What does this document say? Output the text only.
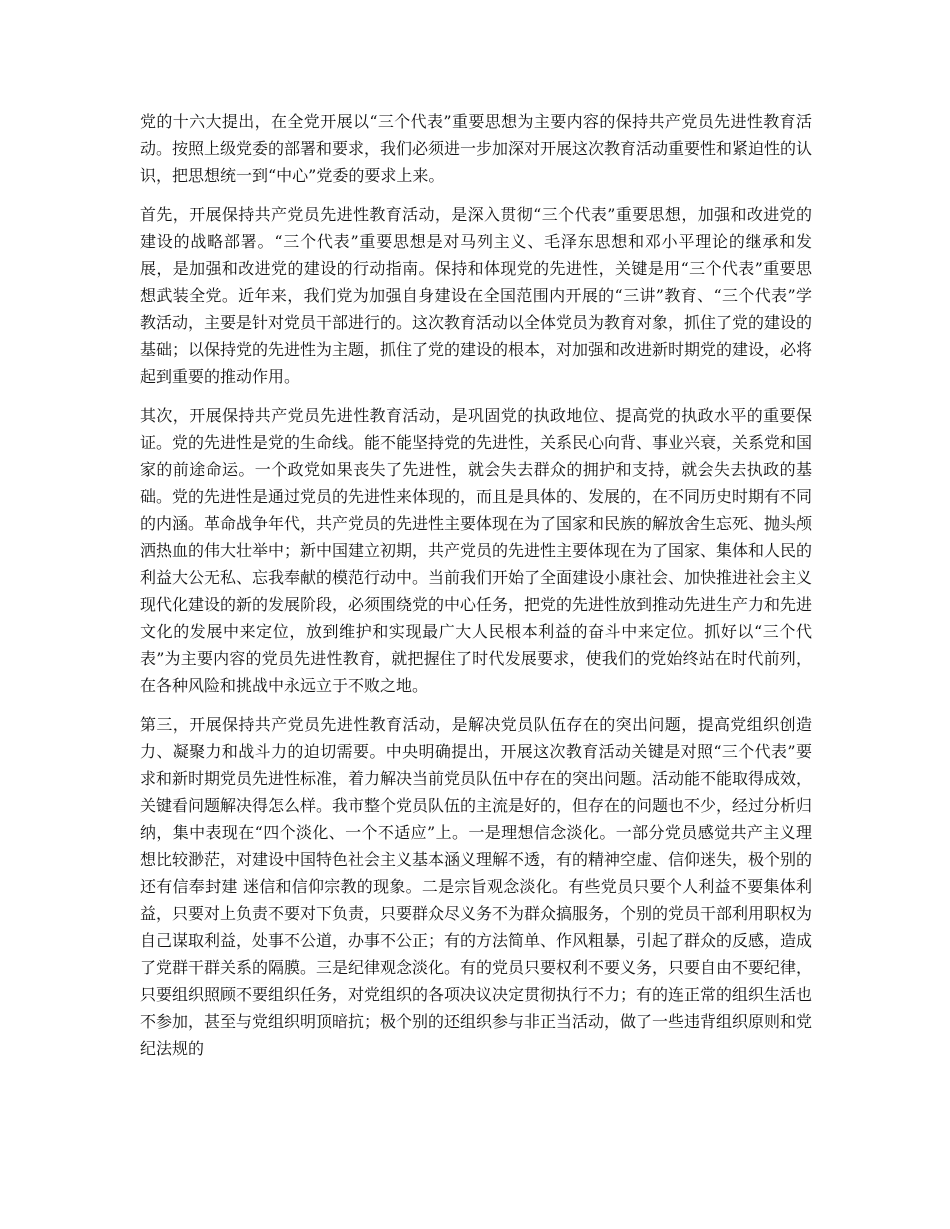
党的十六大提出，在全党开展以“三个代表”重要思想为主要内容的保持共产党员先进性教育活动。按照上级党委的部署和要求，我们必须进一步加深对开展这次教育活动重要性和紧迫性的认识，把思想统一到“中心”党委的要求上来。

首先，开展保持共产党员先进性教育活动，是深入贯彻“三个代表”重要思想，加强和改进党的建设的战略部署。“三个代表”重要思想是对马列主义、毛泽东思想和邓小平理论的继承和发展，是加强和改进党的建设的行动指南。保持和体现党的先进性，关键是用“三个代表”重要思想武装全党。近年来，我们党为加强自身建设在全国范围内开展的“三讲”教育、“三个代表”学教活动，主要是针对党员干部进行的。这次教育活动以全体党员为教育对象，抓住了党的建设的基础；以保持党的先进性为主题，抓住了党的建设的根本，对加强和改进新时期党的建设，必将起到重要的推动作用。

其次，开展保持共产党员先进性教育活动，是巩固党的执政地位、提高党的执政水平的重要保证。党的先进性是党的生命线。能不能坚持党的先进性，关系民心向背、事业兴衰，关系党和国家的前途命运。一个政党如果丧失了先进性，就会失去群众的拥护和支持，就会失去执政的基础。党的先进性是通过党员的先进性来体现的，而且是具体的、发展的，在不同历史时期有不同的内涵。革命战争年代，共产党员的先进性主要体现在为了国家和民族的解放舍生忘死、抛头颅洒热血的伟大壮举中；新中国建立初期，共产党员的先进性主要体现在为了国家、集体和人民的利益大公无私、忘我奉献的模范行动中。当前我们开始了全面建设小康社会、加快推进社会主义现代化建设的新的发展阶段，必须围绕党的中心任务，把党的先进性放到推动先进生产力和先进文化的发展中来定位，放到维护和实现最广大人民根本利益的奋斗中来定位。抓好以“三个代表”为主要内容的党员先进性教育，就把握住了时代发展要求，使我们的党始终站在时代前列，在各种风险和挑战中永远立于不败之地。

第三，开展保持共产党员先进性教育活动，是解决党员队伍存在的突出问题，提高党组织创造力、凝聚力和战斗力的迫切需要。中央明确提出，开展这次教育活动关键是对照“三个代表”要求和新时期党员先进性标准，着力解决当前党员队伍中存在的突出问题。活动能不能取得成效，关键看问题解决得怎么样。我市整个党员队伍的主流是好的，但存在的问题也不少，经过分析归纳，集中表现在“四个淡化、一个不适应”上。一是理想信念淡化。一部分党员感觉共产主义理想比较渺茫，对建设中国特色社会主义基本涵义理解不透，有的精神空虚、信仰迷失，极个别的还有信奉封建 迷信和信仰宗教的现象。二是宗旨观念淡化。有些党员只要个人利益不要集体利益，只要对上负责不要对下负责，只要群众尽义务不为群众搞服务，个别的党员干部利用职权为自己谋取利益，处事不公道，办事不公正；有的方法简单、作风粗暴，引起了群众的反感，造成了党群干群关系的隔膜。三是纪律观念淡化。有的党员只要权利不要义务，只要自由不要纪律，只要组织照顾不要组织任务，对党组织的各项决议决定贯彻执行不力；有的连正常的组织生活也不参加，甚至与党组织明顶暗抗；极个别的还组织参与非正当活动，做了一些违背组织原则和党纪法规的
